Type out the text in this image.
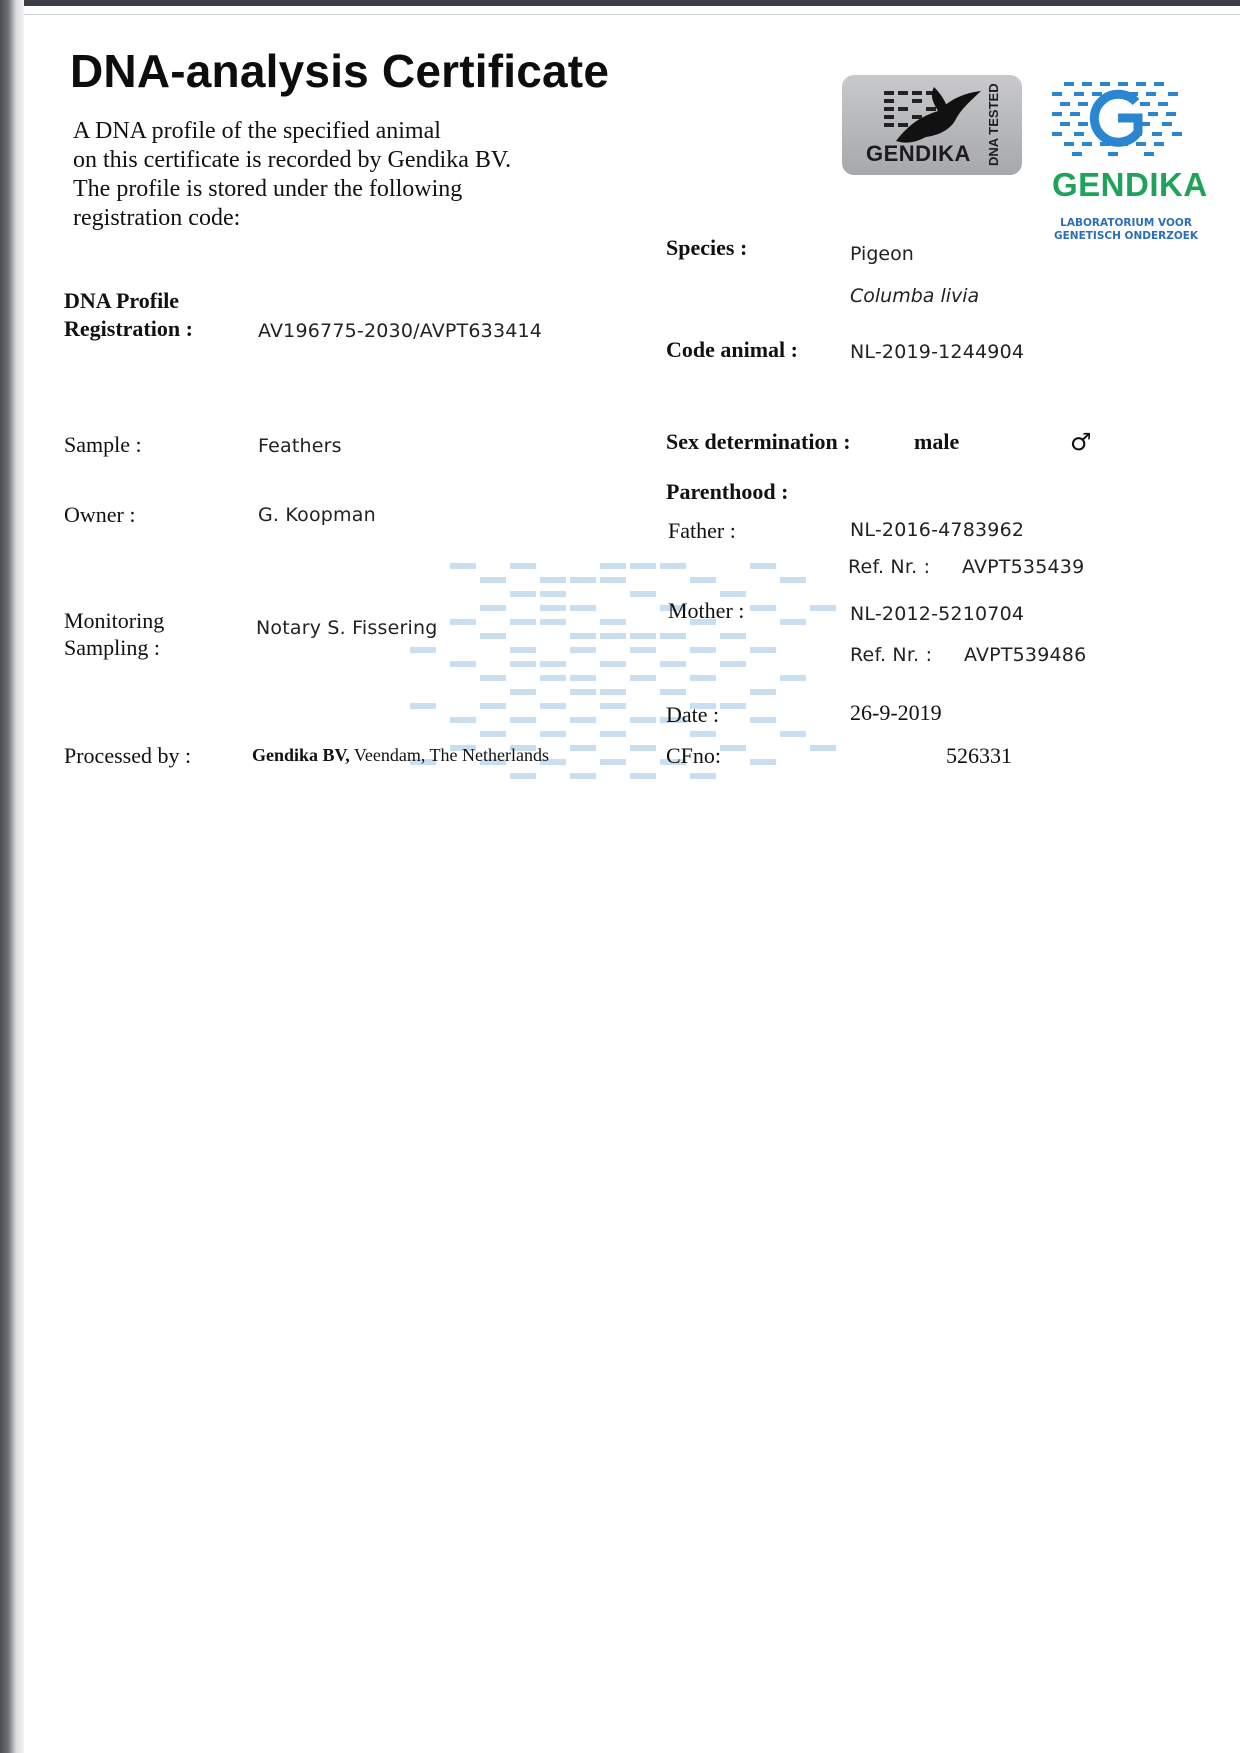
DNA-analysis Certificate
A DNA profile of the specified animal
on this certificate is recorded by Gendika BV.
The profile is stored under the following
registration code:
GENDIKA DNA TESTED
GENDIKA
LABORATORIUM VOOR
GENETISCH ONDERZOEK
DNA Profile
Registration :	AV196775-2030/AVPT633414
Sample :	Feathers
Owner :	G. Koopman
Monitoring
Sampling :
Notary S. Fissering
Processed by :	Gendika BV, Veendam, The Netherlands
Species :	Pigeon
Columba livia
Code animal :	NL-2019-1244904
Sex determination :	male	♂
Parenthood :
Father :	NL-2016-4783962
Ref. Nr. : AVPT535439
Mother :	NL-2012-5210704
Ref. Nr. : AVPT539486
Date :	26-9-2019
CFno:	526331
